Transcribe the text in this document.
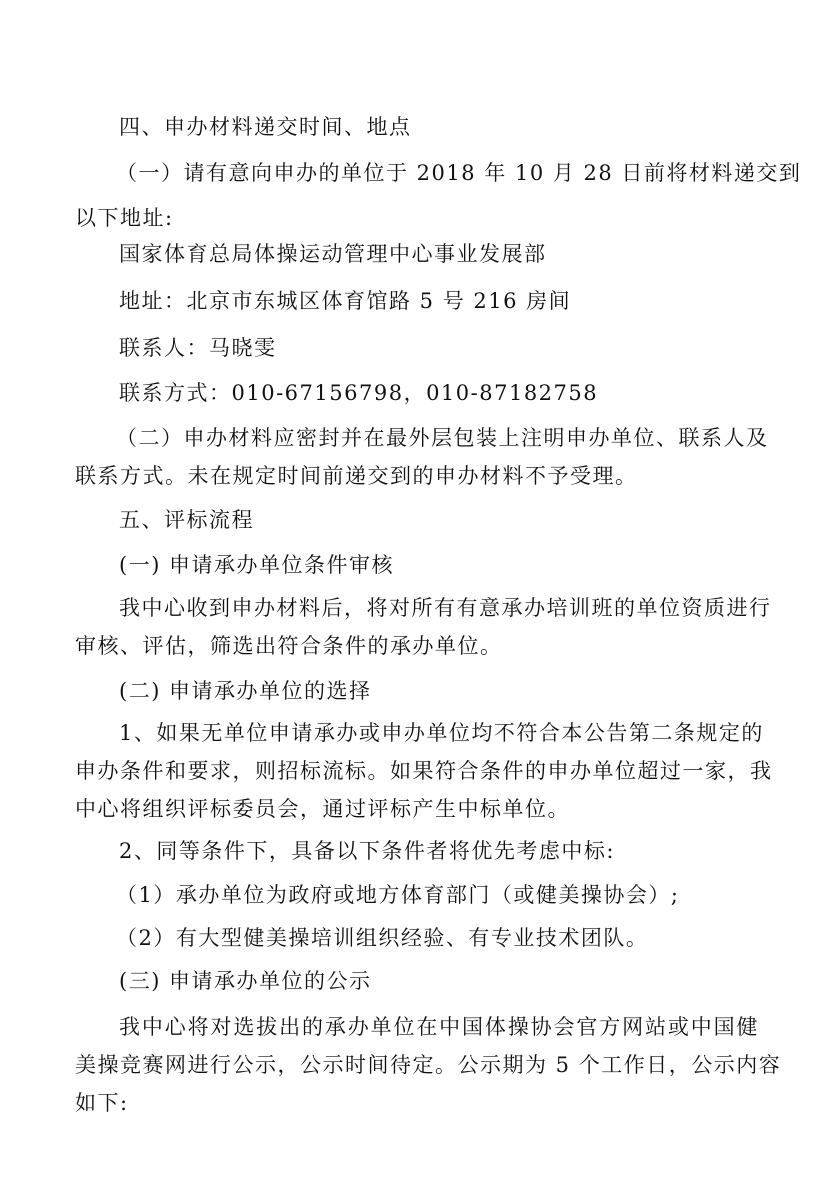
四、申办材料递交时间、地点
（一）请有意向申办的单位于 2018 年 10 月 28 日前将材料递交到
以下地址:
国家体育总局体操运动管理中心事业发展部
地址：北京市东城区体育馆路 5 号 216 房间
联系人：马晓雯
联系方式：010-67156798，010-87182758
（二）申办材料应密封并在最外层包装上注明申办单位、联系人及
联系方式。未在规定时间前递交到的申办材料不予受理。
五、评标流程
(一) 申请承办单位条件审核
我中心收到申办材料后，将对所有有意承办培训班的单位资质进行
审核、评估，筛选出符合条件的承办单位。
(二) 申请承办单位的选择
1、如果无单位申请承办或申办单位均不符合本公告第二条规定的
申办条件和要求，则招标流标。如果符合条件的申办单位超过一家，我
中心将组织评标委员会，通过评标产生中标单位。
2、同等条件下，具备以下条件者将优先考虑中标:
（1）承办单位为政府或地方体育部门（或健美操协会）;
（2）有大型健美操培训组织经验、有专业技术团队。
(三) 申请承办单位的公示
我中心将对选拔出的承办单位在中国体操协会官方网站或中国健
美操竞赛网进行公示，公示时间待定。公示期为 5 个工作日，公示内容
如下:
